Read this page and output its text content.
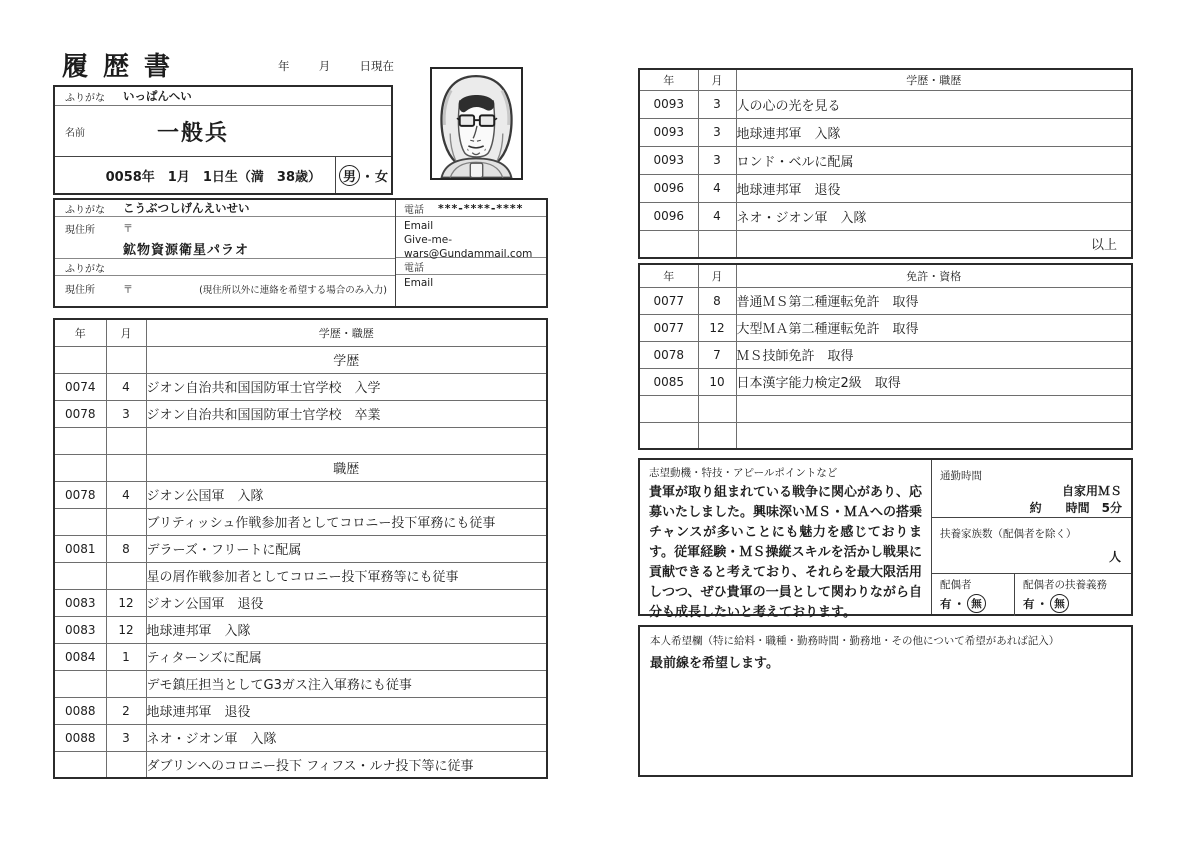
履歴書	年	月	日現在
ふりがな	いっぱんへい
名前	一般兵
0058年　1月　1日生（満　38歳）	男 ・ 女
ふりがな	こうぶつしげんえいせい
現住所	〒
鉱物資源衛星パラオ
ふりがな
現住所	〒	(現住所以外に連絡を希望する場合のみ入力)
電話 ***-****-****
Email
Give-me-wars@Gundammail.com
電話
Email
年	月	学歴・職歴
		学歴
0074	4	ジオン自治共和国国防軍士官学校　入学
0078	3	ジオン自治共和国国防軍士官学校　卒業

		職歴
0078	4	ジオン公国軍　入隊
		ブリティッシュ作戦参加者としてコロニー投下軍務にも従事
0081	8	デラーズ・フリートに配属
		星の屑作戦参加者としてコロニー投下軍務等にも従事
0083	12	ジオン公国軍　退役
0083	12	地球連邦軍　入隊
0084	1	ティターンズに配属
		デモ鎮圧担当としてG3ガス注入軍務にも従事
0088	2	地球連邦軍　退役
0088	3	ネオ・ジオン軍　入隊
		ダブリンへのコロニー投下 フィフス・ルナ投下等に従事
年	月	学歴・職歴
0093	3	人の心の光を見る
0093	3	地球連邦軍　入隊
0093	3	ロンド・ベルに配属
0096	4	地球連邦軍　退役
0096	4	ネオ・ジオン軍　入隊
		以上
年	月	免許・資格
0077	8	普通ＭＳ第二種運転免許　取得
0077	12	大型ＭＡ第二種運転免許　取得
0078	7	ＭＳ技師免許　取得
0085	10	日本漢字能力検定2級　取得

志望動機・特技・アピールポイントなど
貴軍が取り組まれている戦争に関心があり、応募いたしました。興味深いＭＳ・ＭＡへの搭乗チャンスが多いことにも魅力を感じております。従軍経験・ＭＳ操縦スキルを活かし戦果に貢献できると考えており、それらを最大限活用しつつ、ぜひ貴軍の一員として関わりながら自分も成長したいと考えております。
通勤時間
自家用ＭＳ
約　　時間　5分
扶養家族数（配偶者を除く）
人
配偶者
有 ・ 無
配偶者の扶養義務
有 ・ 無
本人希望欄（特に給料・職種・勤務時間・勤務地・その他について希望があれば記入）
最前線を希望します。
